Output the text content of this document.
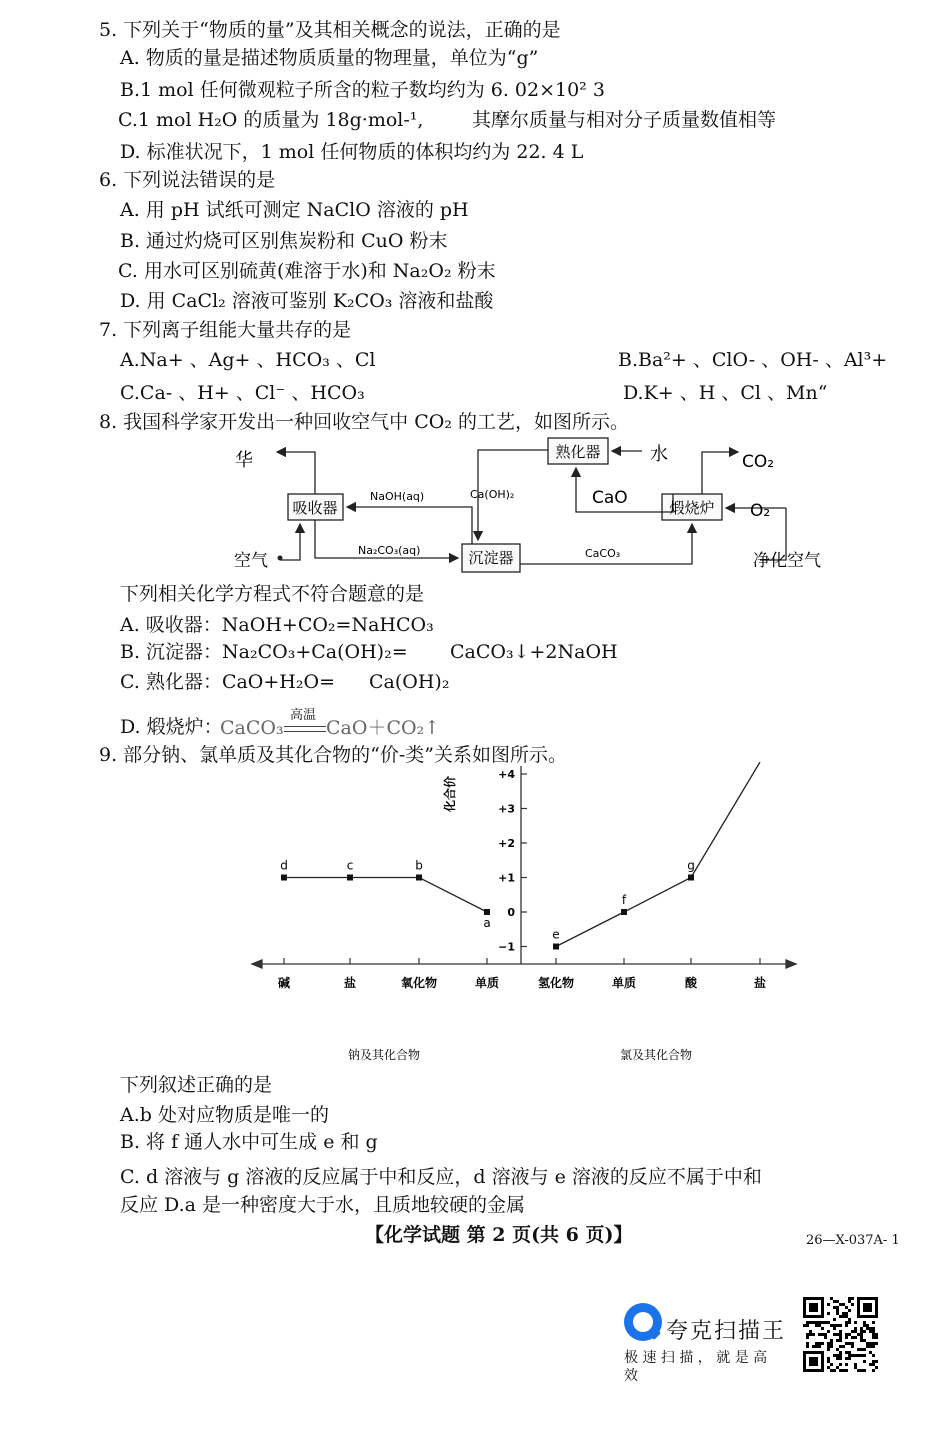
5. 下列关于“物质的量”及其相关概念的说法，正确的是
A. 物质的量是描述物质质量的物理量，单位为“g”
B.1 mol 任何微观粒子所含的粒子数均约为 6. 02×10² 3
C.1 mol H₂O 的质量为 18g·mol-¹,	其摩尔质量与相对分子质量数值相等
D. 标准状况下，1 mol 任何物质的体积均约为 22. 4 L
6. 下列说法错误的是
A. 用 pH 试纸可测定 NaClO 溶液的 pH
B. 通过灼烧可区别焦炭粉和 CuO 粉末
C. 用水可区别硫黄(难溶于水)和 Na₂O₂ 粉末
D. 用 CaCl₂ 溶液可鉴别 K₂CO₃ 溶液和盐酸
7. 下列离子组能大量共存的是
A.Na+ 、Ag+ 、HCO₃ 、Cl	B.Ba²+ 、ClO- 、OH- 、Al³+
C.Ca- 、H+ 、Cl⁻ 、HCO₃	D.K+ 、H 、Cl 、Mn“
8. 我国科学家开发出一种回收空气中 CO₂ 的工艺，如图所示。
华
吸收器
空气
NaOH(aq)	Ca(OH)₂
Na₂CO₃(aq)	沉淀器
熟化器	水
CaO
CaCO₃
煅烧炉
CO₂
O₂
净化空气
下列相关化学方程式不符合题意的是
A. 吸收器：NaOH+CO₂=NaHCO₃
B. 沉淀器：Na₂CO₃+Ca(OH)₂= CaCO₃↓+2NaOH
C. 熟化器：CaO+H₂O= Ca(OH)₂
D. 煅烧炉：
CaCO₃
高温
CaO＋CO₂↑
9. 部分钠、氯单质及其化合物的“价-类”关系如图所示。
化合价
+4
+3
+2
+1
0
−1
碱	盐	氧化物	单质	氢化物	单质	酸	盐
d	c	b
a
e
f
g
钠及其化合物	氯及其化合物
下列叙述正确的是
A.b 处对应物质是唯一的
B. 将 f 通人水中可生成 e 和 g
C. d 溶液与 g 溶液的反应属于中和反应，d 溶液与 e 溶液的反应不属于中和
反应 D.a 是一种密度大于水，且质地较硬的金属
【化学试题 第 2 页(共 6 页)】	26—X-037A- 1
夸克扫描王
极 速 扫 描 ， 就 是 高
效
